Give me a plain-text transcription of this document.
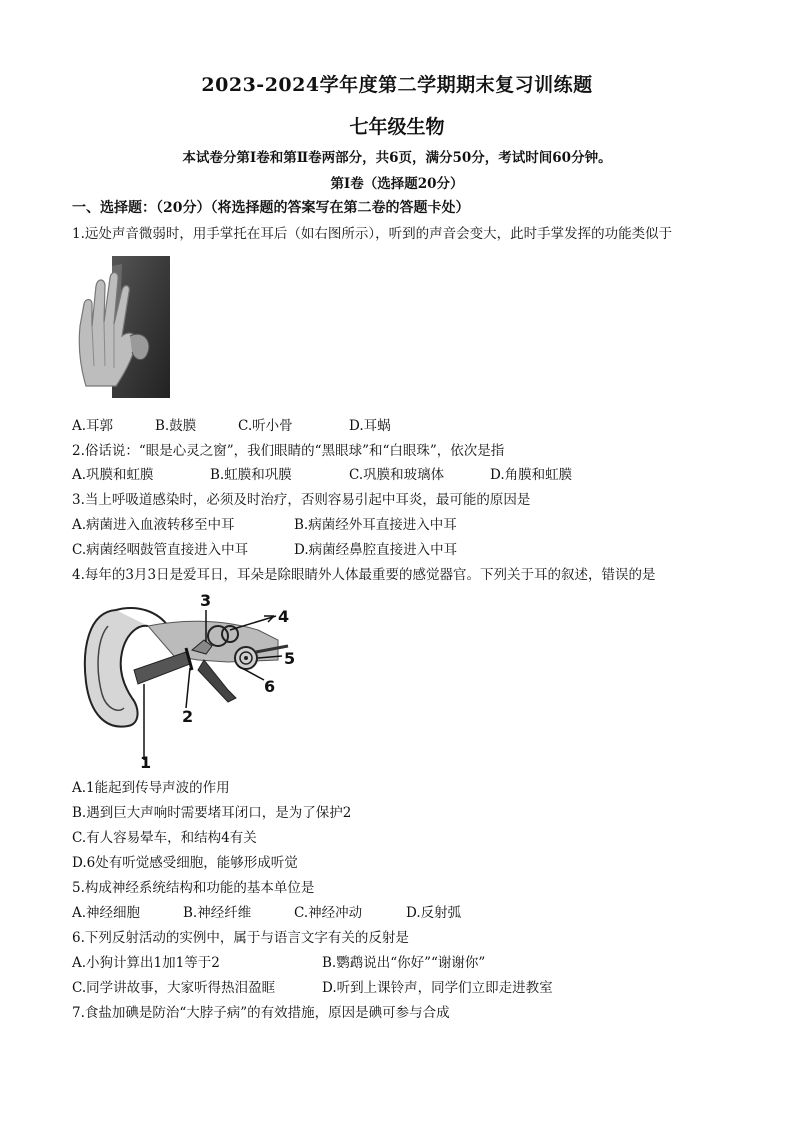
2023-2024学年度第二学期期末复习训练题
七年级生物
本试卷分第Ⅰ卷和第Ⅱ卷两部分，共6页，满分50分，考试时间60分钟。
第Ⅰ卷（选择题20分）
一、选择题：（20分）（将选择题的答案写在第二卷的答题卡处）
1.远处声音微弱时，用手掌托在耳后（如右图所示），听到的声音会变大，此时手掌发挥的功能类似于
A.耳郭	B.鼓膜	C.听小骨	D.耳蜗
2.俗话说：“眼是心灵之窗”，我们眼睛的“黑眼球”和“白眼珠”，依次是指
A.巩膜和虹膜	B.虹膜和巩膜	C.巩膜和玻璃体	D.角膜和虹膜
3.当上呼吸道感染时，必须及时治疗，否则容易引起中耳炎，最可能的原因是
A.病菌进入血液转移至中耳	B.病菌经外耳直接进入中耳
C.病菌经咽鼓管直接进入中耳	D.病菌经鼻腔直接进入中耳
4.每年的3月3日是爱耳日，耳朵是除眼睛外人体最重要的感觉器官。下列关于耳的叙述，错误的是
1
2
3
4
5
6
A.1能起到传导声波的作用
B.遇到巨大声响时需要堵耳闭口，是为了保护2
C.有人容易晕车，和结构4有关
D.6处有听觉感受细胞，能够形成听觉
5.构成神经系统结构和功能的基本单位是
A.神经细胞	B.神经纤维	C.神经冲动	D.反射弧
6.下列反射活动的实例中，属于与语言文字有关的反射是
A.小狗计算出1加1等于2	B.鹦鹉说出“你好”“谢谢你”
C.同学讲故事，大家听得热泪盈眶	D.听到上课铃声，同学们立即走进教室
7.食盐加碘是防治“大脖子病”的有效措施，原因是碘可参与合成
